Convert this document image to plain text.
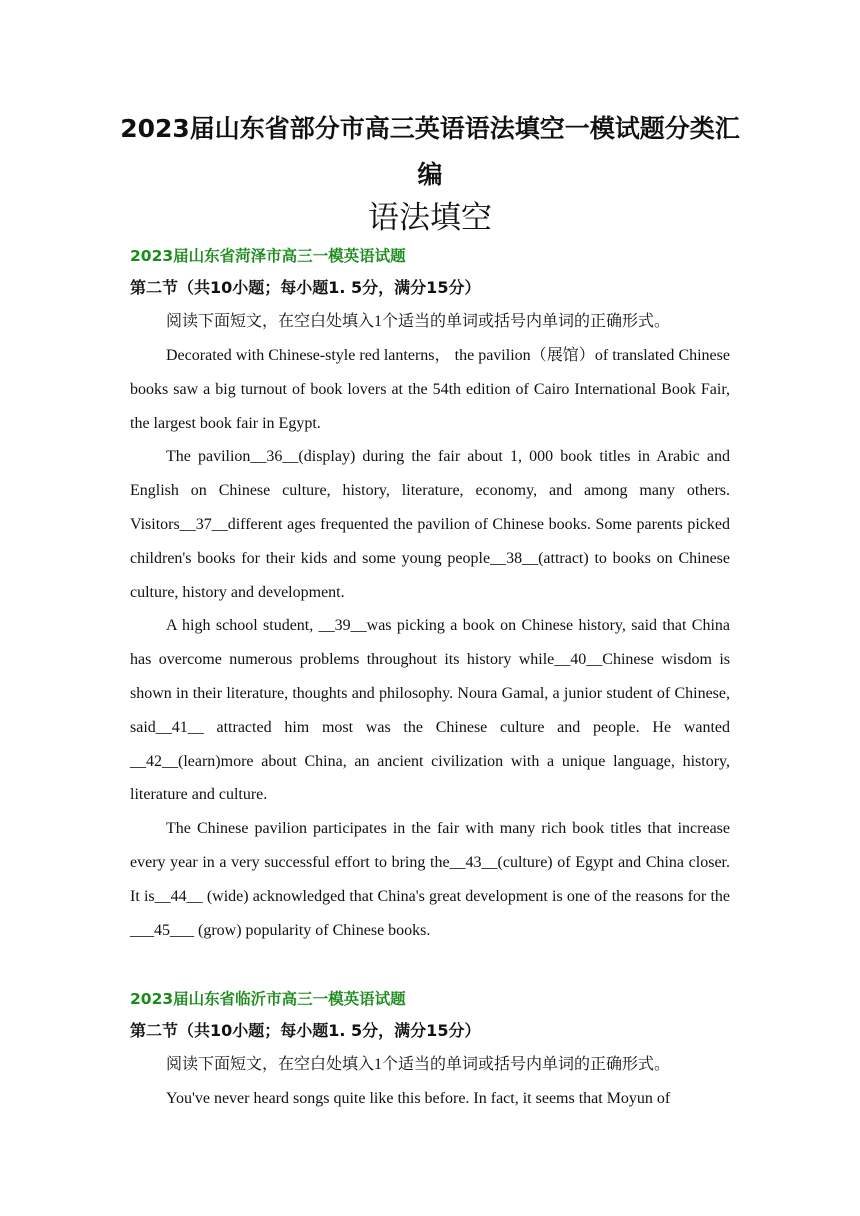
2023届山东省部分市高三英语语法填空一模试题分类汇编
语法填空
2023届山东省菏泽市高三一模英语试题
第二节（共10小题；每小题1. 5分，满分15分）

阅读下面短文，在空白处填入1个适当的单词或括号内单词的正确形式。

Decorated with Chinese-style red lanterns， the pavilion（展馆）of translated Chinese books saw a big turnout of book lovers at the 54th edition of Cairo International Book Fair, the largest book fair in Egypt.

The pavilion__36__(display) during the fair about 1, 000 book titles in Arabic and English on Chinese culture, history, literature, economy, and among many others. Visitors__37__different ages frequented the pavilion of Chinese books. Some parents picked children's books for their kids and some young people__38__(attract) to books on Chinese culture, history and development.

A high school student, __39__was picking a book on Chinese history, said that China has overcome numerous problems throughout its history while__40__Chinese wisdom is shown in their literature, thoughts and philosophy. Noura Gamal, a junior student of Chinese, said__41__ attracted him most was the Chinese culture and people. He wanted __42__(learn)more about China, an ancient civilization with a unique language, history, literature and culture.

The Chinese pavilion participates in the fair with many rich book titles that increase every year in a very successful effort to bring the__43__(culture) of Egypt and China closer. It is__44__ (wide) acknowledged that China's great development is one of the reasons for the ___45___ (grow) popularity of Chinese books.

2023届山东省临沂市高三一模英语试题
第二节（共10小题；每小题1. 5分，满分15分）

阅读下面短文，在空白处填入1个适当的单词或括号内单词的正确形式。

You've never heard songs quite like this before. In fact, it seems that Moyun of
